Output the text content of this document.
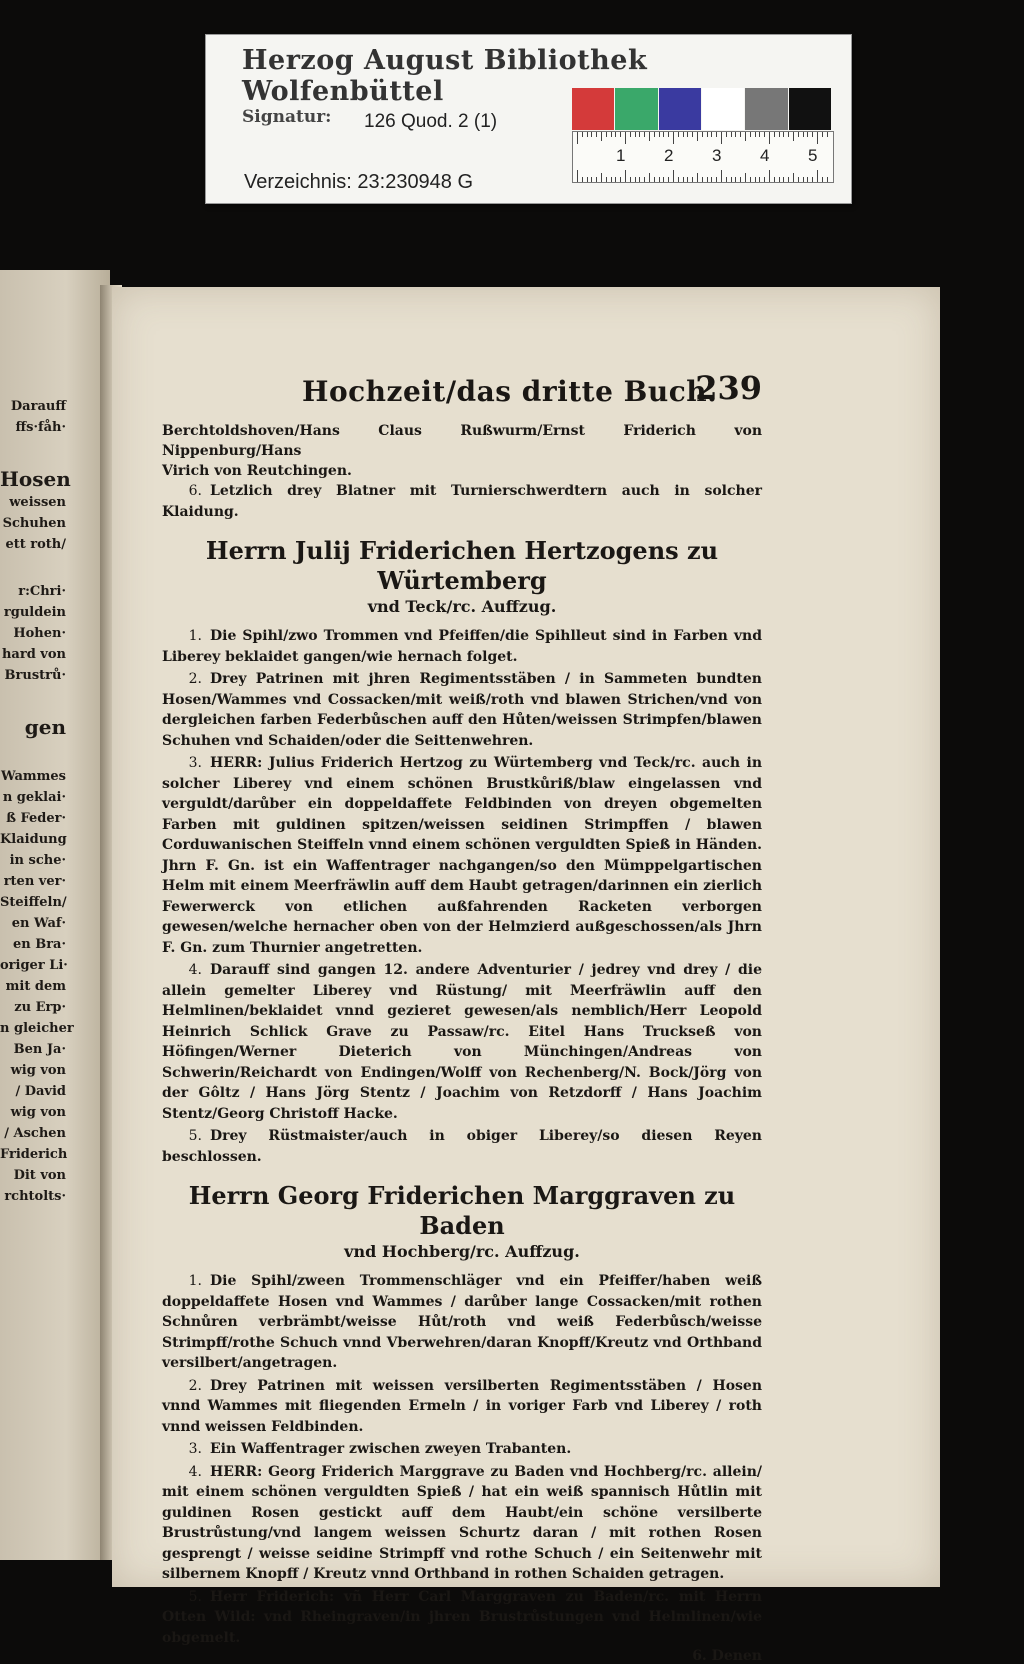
Darauff
ffs·fåh·
Hosen
weissen
Schuhen
ett roth/
r:Chri·
rguldein
Hohen·
hard von
Brustrů·
gen
Wammes
n geklai·
ß Feder·
Klaidung
in sche·
rten ver·
Steiffeln/
en Waf·
en Bra·
origer Li·
mit dem
zu Erp·
n gleicher
Ben Ja·
wig von
/ David
wig von
/ Aschen
Friderich
Dit von
rchtolts·
Hochzeit/das dritte Buch.
239

Berchtoldshoven/Hans Claus Rußwurm/Ernst Friderich von Nippenburg/Hans

Virich von Reutchingen.

6. Letzlich drey Blatner mit Turnierschwerdtern auch in solcher Klaidung.

Herrn Julij Friderichen Hertzogens zu Würtemberg
vnd Teck/rc. Auffzug.

1. Die Spihl/zwo Trommen vnd Pfeiffen/die Spihlleut sind in Farben vnd Liberey beklaidet gangen/wie hernach folget.

2. Drey Patrinen mit jhren Regimentsstäben / in Sammeten bundten Hosen/Wammes vnd Cossacken/mit weiß/roth vnd blawen Strichen/vnd von dergleichen farben Federbůschen auff den Hůten/weissen Strimpfen/blawen Schuhen vnd Schaiden/oder die Seittenwehren.

3. HERR: Julius Friderich Hertzog zu Würtemberg vnd Teck/rc. auch in solcher Liberey vnd einem schönen Brustkůriß/blaw eingelassen vnd verguldt/darůber ein doppeldaffete Feldbinden von dreyen obgemelten Farben mit guldinen spitzen/weissen seidinen Strimpffen / blawen Corduwanischen Steiffeln vnnd einem schönen verguldten Spieß in Händen. Jhrn F. Gn. ist ein Waffentrager nachgangen/so den Mümppelgartischen Helm mit einem Meerfräwlin auff dem Haubt getragen/darinnen ein zierlich Fewerwerck von etlichen außfahrenden Racketen verborgen gewesen/welche hernacher oben von der Helmzierd außgeschossen/als Jhrn F. Gn. zum Thurnier angetretten.

4. Darauff sind gangen 12. andere Adventurier / jedrey vnd drey / die allein gemelter Liberey vnd Rüstung/ mit Meerfräwlin auff den Helmlinen/beklaidet vnnd gezieret gewesen/als nemblich/Herr Leopold Heinrich Schlick Grave zu Passaw/rc. Eitel Hans Truckseß von Höfingen/Werner Dieterich von Münchingen/Andreas von Schwerin/Reichardt von Endingen/Wolff von Rechenberg/N. Bock/Jörg von der Gôltz / Hans Jörg Stentz / Joachim von Retzdorff / Hans Joachim Stentz/Georg Christoff Hacke.

5. Drey Rüstmaister/auch in obiger Liberey/so diesen Reyen beschlossen.

Herrn Georg Friderichen Marggraven zu Baden
vnd Hochberg/rc. Auffzug.

1. Die Spihl/zween Trommenschläger vnd ein Pfeiffer/haben weiß doppeldaffete Hosen vnd Wammes / darůber lange Cossacken/mit rothen Schnůren verbrämbt/weisse Hůt/roth vnd weiß Federbůsch/weisse Strimpff/rothe Schuch vnnd Vberwehren/daran Knopff/Kreutz vnd Orthband versilbert/angetragen.

2. Drey Patrinen mit weissen versilberten Regimentsstäben / Hosen vnnd Wammes mit fliegenden Ermeln / in voriger Farb vnd Liberey / roth vnnd weissen Feldbinden.

3. Ein Waffentrager zwischen zweyen Trabanten.

4. HERR: Georg Friderich Marggrave zu Baden vnd Hochberg/rc. allein/ mit einem schönen verguldten Spieß / hat ein weiß spannisch Hůtlin mit guldinen Rosen gestickt auff dem Haubt/ein schöne versilberte Brustrůstung/vnd langem weissen Schurtz daran / mit rothen Rosen gesprengt / weisse seidine Strimpff vnd rothe Schuch / ein Seitenwehr mit silbernem Knopff / Kreutz vnnd Orthband in rothen Schaiden getragen.

5. Herr Friderich: vñ Herr Carl Marggraven zu Baden/rc. mit Herrn Otten Wild: vnd Rheingraven/in jhren Brustrůstungen vnd Helmlinen/wie obgemelt.

6. Denen
Herzog August Bibliothek Wolfenbüttel
Signatur: 126 Quod. 2 (1)
1 2 3 4 5
Verzeichnis: 23:230948 G
